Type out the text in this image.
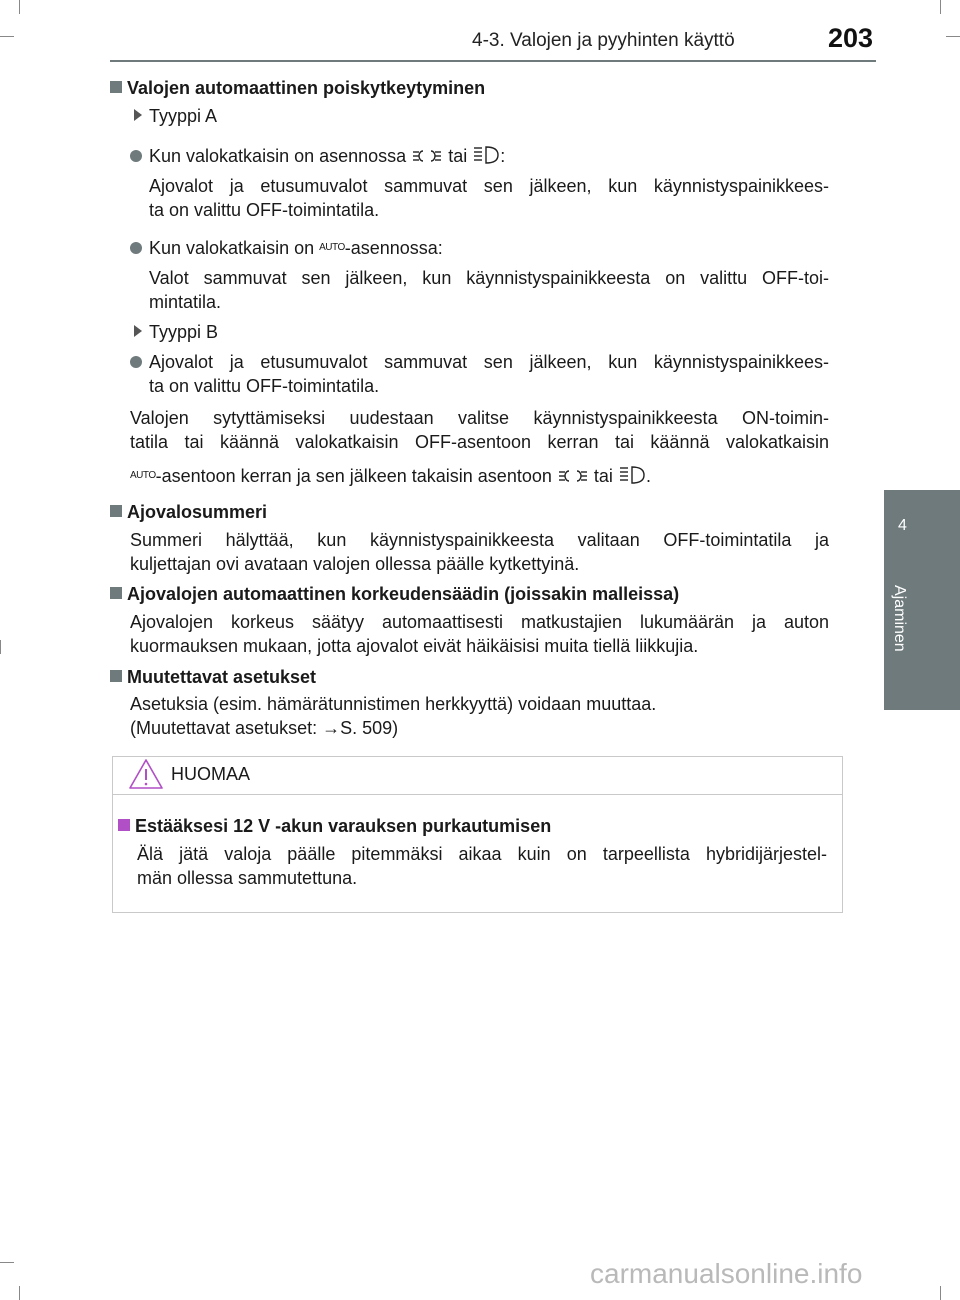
4-3. Valojen ja pyyhinten käyttö	203
4
Ajaminen
Valojen automaattinen poiskytkeytyminen
Tyyppi A
Kun valokatkaisin on asennossa tai :
Ajovalot ja etusumuvalot sammuvat sen jälkeen, kun käynnistyspainikkees-
ta on valittu OFF-toimintatila.
Kun valokatkaisin on $^{AUTO}$-asennossa:
Valot sammuvat sen jälkeen, kun käynnistyspainikkeesta on valittu OFF-toi-
mintatila.
Tyyppi B
Ajovalot ja etusumuvalot sammuvat sen jälkeen, kun käynnistyspainikkees-
ta on valittu OFF-toimintatila.
Valojen sytyttämiseksi uudestaan valitse käynnistyspainikkeesta ON-toimin-
tatila tai käännä valokatkaisin OFF-asentoon kerran tai käännä valokatkaisin
$^{AUTO}$-asentoon kerran ja sen jälkeen takaisin asentoon tai .
Ajovalosummeri
Summeri hälyttää, kun käynnistyspainikkeesta valitaan OFF-toimintatila ja
kuljettajan ovi avataan valojen ollessa päälle kytkettyinä.
Ajovalojen automaattinen korkeudensäädin (joissakin malleissa)
Ajovalojen korkeus säätyy automaattisesti matkustajien lukumäärän ja auton
kuormauksen mukaan, jotta ajovalot eivät häikäisisi muita tiellä liikkujia.
Muutettavat asetukset
Asetuksia (esim. hämärätunnistimen herkkyyttä) voidaan muuttaa.
(Muutettavat asetukset: →S. 509)
HUOMAA
Estääksesi 12 V -akun varauksen purkautumisen
Älä jätä valoja päälle pitemmäksi aikaa kuin on tarpeellista hybridijärjestel-
män ollessa sammutettuna.
carmanualsonline.info
